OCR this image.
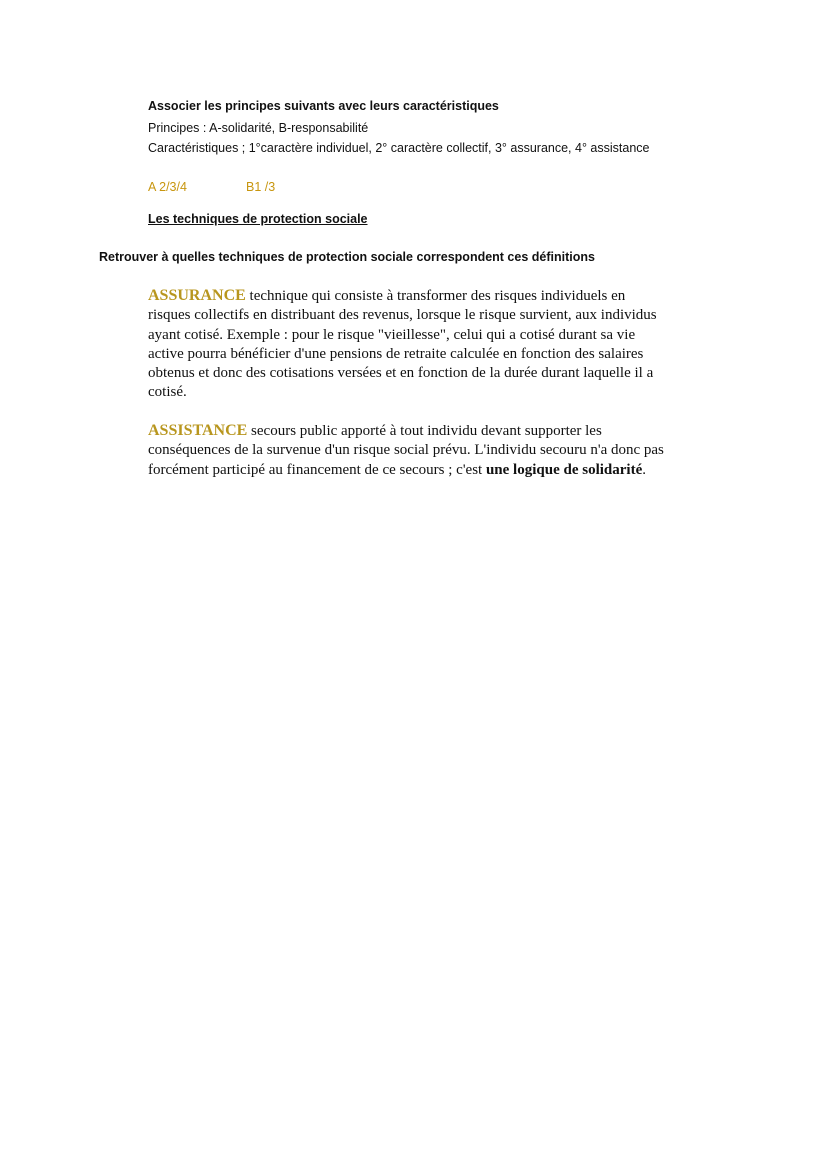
Associer les principes suivants avec leurs caractéristiques
Principes : A-solidarité, B-responsabilité
Caractéristiques ; 1°caractère individuel, 2° caractère collectif, 3° assurance, 4° assistance
A 2/3/4	B1 /3
Les techniques de protection sociale
Retrouver à quelles techniques de protection sociale correspondent ces définitions
ASSURANCE technique qui consiste à transformer des risques individuels en
risques collectifs en distribuant des revenus, lorsque le risque survient, aux individus
ayant cotisé. Exemple : pour le risque "vieillesse", celui qui a cotisé durant sa vie
active pourra bénéficier d'une pensions de retraite calculée en fonction des salaires
obtenus et donc des cotisations versées et en fonction de la durée durant laquelle il a
cotisé.
ASSISTANCE secours public apporté à tout individu devant supporter les
conséquences de la survenue d'un risque social prévu. L'individu secouru n'a donc pas
forcément participé au financement de ce secours ; c'est une logique de solidarité.
